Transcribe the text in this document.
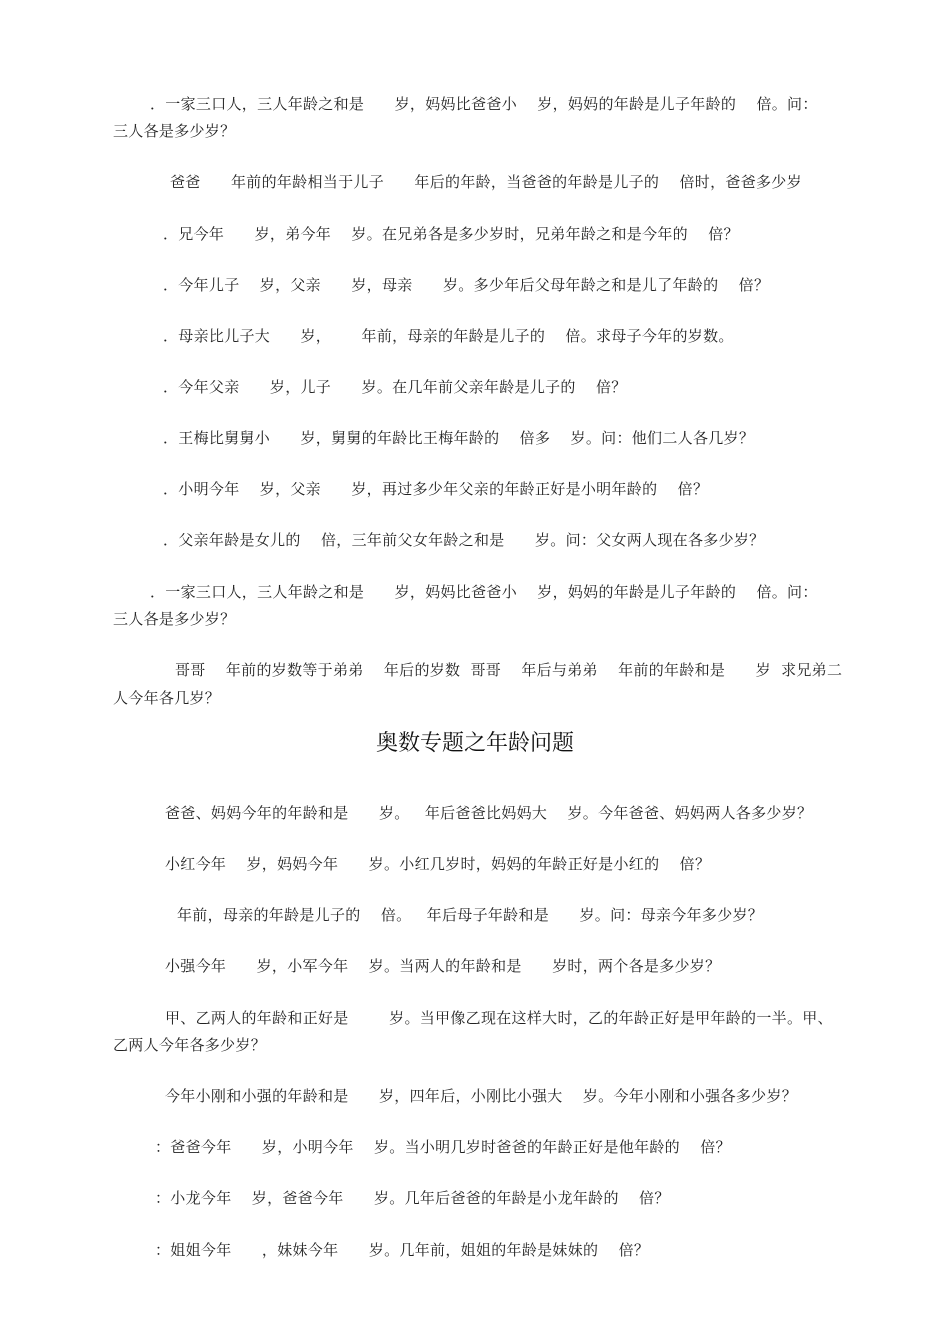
．一家三口人，三人年龄之和是      岁，妈妈比爸爸小    岁，妈妈的年龄是儿子年龄的    倍。问：
三人各是多少岁？
爸爸      年前的年龄相当于儿子      年后的年龄，当爸爸的年龄是儿子的    倍时，爸爸多少岁
．兄今年      岁，弟今年    岁。在兄弟各是多少岁时，兄弟年龄之和是今年的    倍？
．今年儿子    岁，父亲      岁，母亲      岁。多少年后父母年龄之和是儿了年龄的    倍？
．母亲比儿子大      岁，      年前，母亲的年龄是儿子的    倍。求母子今年的岁数。
．今年父亲      岁，儿子      岁。在几年前父亲年龄是儿子的    倍？
．王梅比舅舅小      岁，舅舅的年龄比王梅年龄的    倍多    岁。问：他们二人各几岁？
．小明今年    岁，父亲      岁，再过多少年父亲的年龄正好是小明年龄的    倍？
．父亲年龄是女儿的    倍，三年前父女年龄之和是      岁。问：父女两人现在各多少岁？
．一家三口人，三人年龄之和是      岁，妈妈比爸爸小    岁，妈妈的年龄是儿子年龄的    倍。问：
三人各是多少岁？
哥哥    年前的岁数等于弟弟    年后的岁数  哥哥    年后与弟弟    年前的年龄和是      岁  求兄弟二
人今年各几岁？
奥数专题之年龄问题
爸爸、妈妈今年的年龄和是      岁。   年后爸爸比妈妈大    岁。今年爸爸、妈妈两人各多少岁？
小红今年    岁，妈妈今年      岁。小红几岁时，妈妈的年龄正好是小红的    倍？
年前，母亲的年龄是儿子的    倍。   年后母子年龄和是      岁。问：母亲今年多少岁？
小强今年      岁，小军今年    岁。当两人的年龄和是      岁时，两个各是多少岁？
甲、乙两人的年龄和正好是        岁。当甲像乙现在这样大时，乙的年龄正好是甲年龄的一半。甲、
乙两人今年各多少岁？
今年小刚和小强的年龄和是      岁，四年后，小刚比小强大    岁。今年小刚和小强各多少岁？
：爸爸今年      岁，小明今年    岁。当小明几岁时爸爸的年龄正好是他年龄的    倍？
：小龙今年    岁，爸爸今年      岁。几年后爸爸的年龄是小龙年龄的    倍？
：姐姐今年      ，妹妹今年      岁。几年前，姐姐的年龄是妹妹的    倍？
